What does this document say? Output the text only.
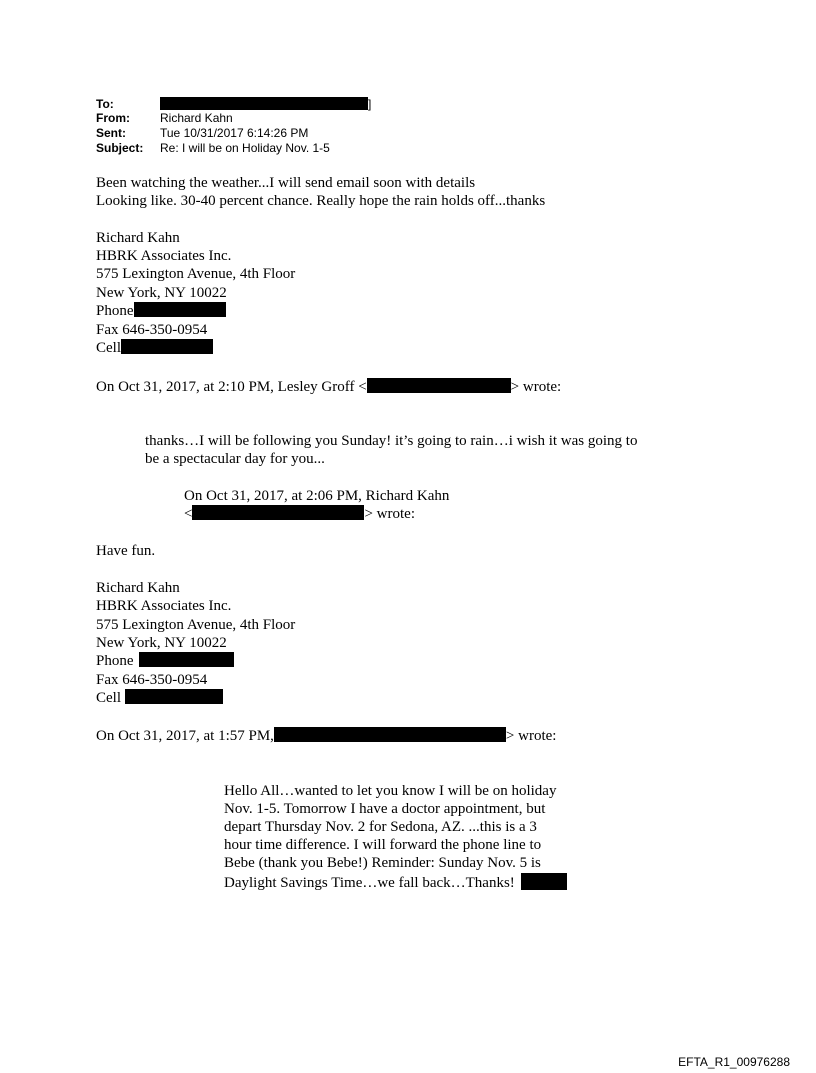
To:	]
From:	Richard Kahn
Sent:	Tue 10/31/2017 6:14:26 PM
Subject: Re: I will be on Holiday Nov. 1-5
Been watching the weather...I will send email soon with details
Looking like. 30-40 percent chance. Really hope the rain holds off...thanks
Richard Kahn
HBRK Associates Inc.
575 Lexington Avenue, 4th Floor
New York, NY 10022
Phone
Fax 646-350-0954
Cell
On Oct 31, 2017, at 2:10 PM, Lesley Groff <	> wrote:
thanks…I will be following you Sunday! it’s going to rain…i wish it was going to
be a spectacular day for you...
On Oct 31, 2017, at 2:06 PM, Richard Kahn
<	> wrote:
Have fun.
Richard Kahn
HBRK Associates Inc.
575 Lexington Avenue, 4th Floor
New York, NY 10022
Phone
Fax 646-350-0954
Cell
On Oct 31, 2017, at 1:57 PM,	> wrote:
Hello All…wanted to let you know I will be on holiday
Nov. 1-5. Tomorrow I have a doctor appointment, but
depart Thursday Nov. 2 for Sedona, AZ. ...this is a 3
hour time difference. I will forward the phone line to
Bebe (thank you Bebe!) Reminder: Sunday Nov. 5 is
Daylight Savings Time…we fall back…Thanks!
EFTA_R1_00976288
